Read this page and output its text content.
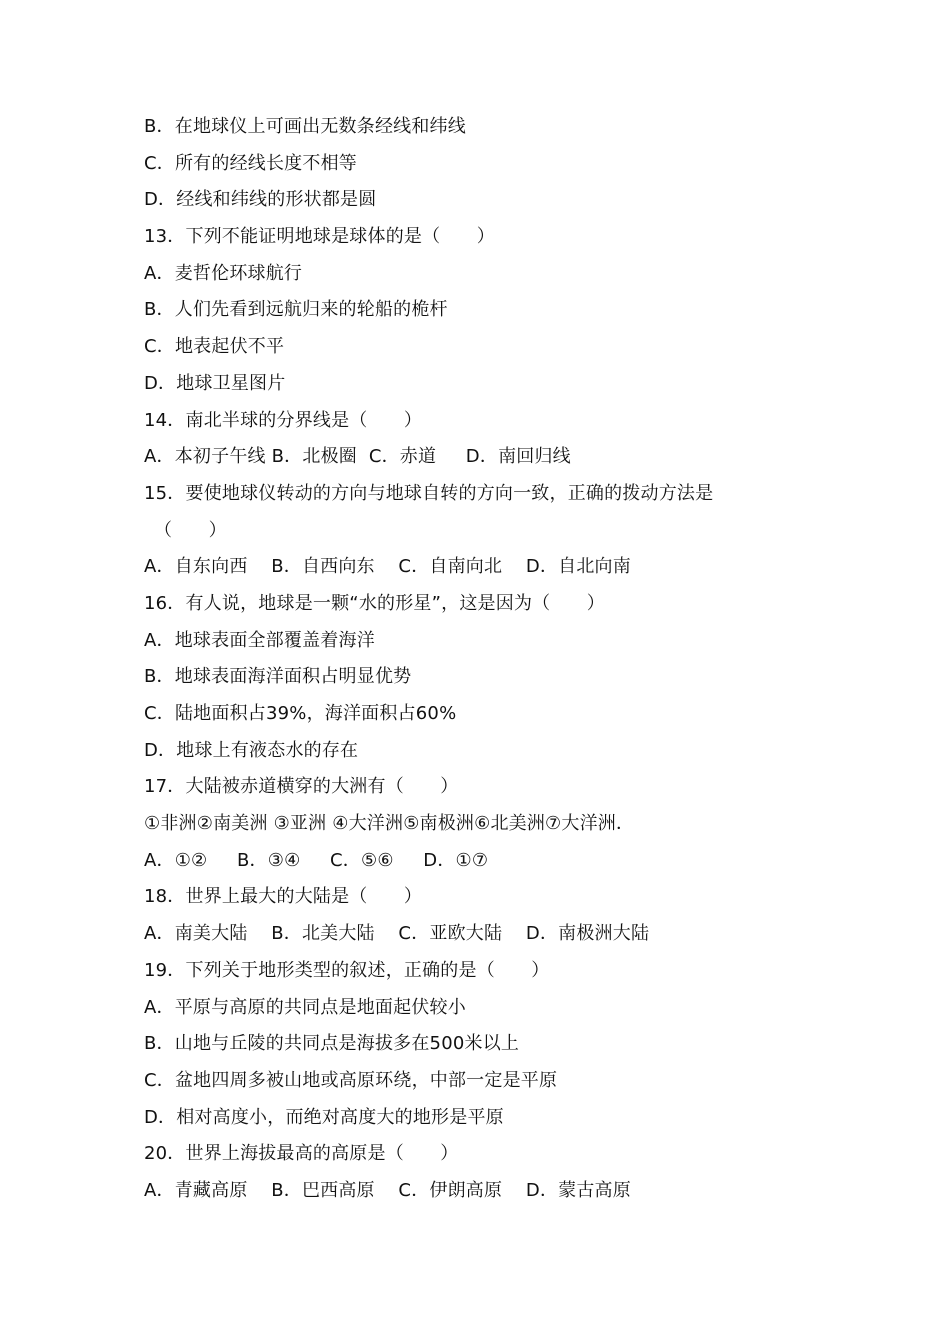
B．在地球仪上可画出无数条经线和纬线
C．所有的经线长度不相等
D．经线和纬线的形状都是圆
13．下列不能证明地球是球体的是（　　）
A．麦哲伦环球航行
B．人们先看到远航归来的轮船的桅杆
C．地表起伏不平
D．地球卫星图片
14．南北半球的分界线是（　　）
A．本初子午线 B．北极圈  C．赤道     D．南回归线
15．要使地球仪转动的方向与地球自转的方向一致，正确的拨动方法是
（　　）
A．自东向西    B．自西向东    C．自南向北    D．自北向南
16．有人说，地球是一颗“水的形星”，这是因为（　　）
A．地球表面全部覆盖着海洋
B．地球表面海洋面积占明显优势
C．陆地面积占39%，海洋面积占60%
D．地球上有液态水的存在
17．大陆被赤道横穿的大洲有（　　）
①非洲②南美洲 ③亚洲 ④大洋洲⑤南极洲⑥北美洲⑦大洋洲．
A．①②     B．③④     C．⑤⑥     D．①⑦
18．世界上最大的大陆是（　　）
A．南美大陆    B．北美大陆    C．亚欧大陆    D．南极洲大陆
19．下列关于地形类型的叙述，正确的是（　　）
A．平原与高原的共同点是地面起伏较小
B．山地与丘陵的共同点是海拔多在500米以上
C．盆地四周多被山地或高原环绕，中部一定是平原
D．相对高度小，而绝对高度大的地形是平原
20．世界上海拔最高的高原是（　　）
A．青藏高原    B．巴西高原    C．伊朗高原    D．蒙古高原
